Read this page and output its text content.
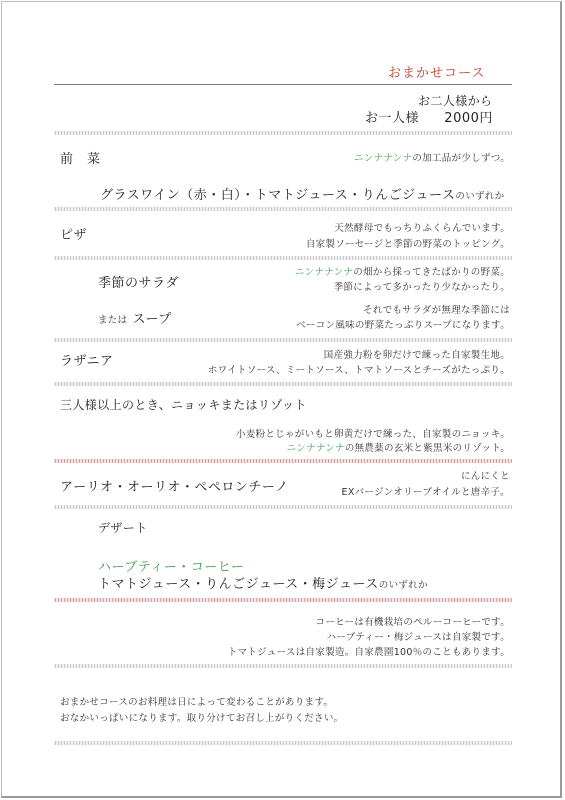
おまかせコース
お二人様から
お一人様 2000円
前　菜	ニンナナンナの加工品が少しずつ。
グラスワイン（赤・白）・トマトジュース・りんごジュースのいずれか
ピザ	天然酵母でもっちりふくらんでいます。
自家製ソーセージと季節の野菜のトッピング。
季節のサラダ
ニンナナンナの畑から採ってきたばかりの野菜。
季節によって多かったり少なかったり。
または スープ
それでもサラダが無理な季節には
ベーコン風味の野菜たっぷりスープになります。
ラザニア	国産強力粉を卵だけで練った自家製生地。
ホワイトソース、ミートソース、トマトソースとチーズがたっぷり。
三人様以上のとき、ニョッキまたはリゾット
小麦粉とじゃがいもと卵黄だけで練った、自家製のニョッキ。
ニンナナンナの無農薬の玄米と紫黒米のリゾット。
アーリオ・オーリオ・ペペロンチーノ
にんにくと
EXバージンオリーブオイルと唐辛子。
デザート
ハーブティー・コーヒー
トマトジュース・りんごジュース・梅ジュースのいずれか
コーヒーは有機栽培のペルーコーヒーです。
ハーブティー・梅ジュースは自家製です。
トマトジュースは自家製造。自家農園100％のこともあります。
おまかせコースのお料理は日によって変わることがあります。
おなかいっぱいになります。取り分けてお召し上がりください。
